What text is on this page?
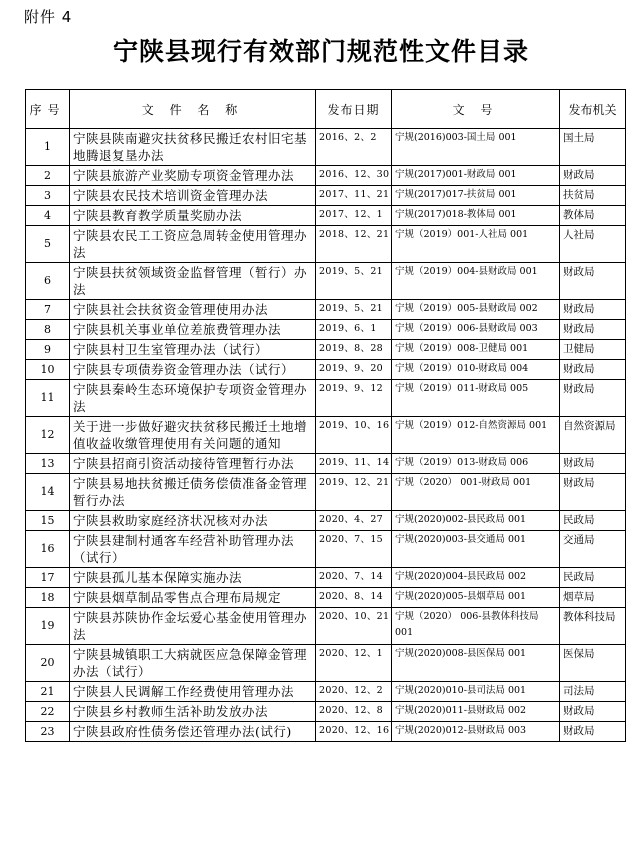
附件 4
宁陕县现行有效部门规范性文件目录
序号	文 件 名 称	发布日期	文 号	发布机关
1	宁陕县陕南避灾扶贫移民搬迁农村旧宅基地腾退复垦办法	2016、2、2	宁规(2016)003-国土局 001	国土局
2	宁陕县旅游产业奖励专项资金管理办法	2016、12、30	宁规(2017)001-财政局 001	财政局
3	宁陕县农民技术培训资金管理办法	2017、11、21	宁规(2017)017-扶贫局 001	扶贫局
4	宁陕县教育教学质量奖励办法	2017、12、1	宁规(2017)018-教体局 001	教体局
5	宁陕县农民工工资应急周转金使用管理办法	2018、12、21	宁规（2019）001-人社局 001	人社局
6	宁陕县扶贫领域资金监督管理（暂行）办法	2019、5、21	宁规（2019）004-县财政局 001	财政局
7	宁陕县社会扶贫资金管理使用办法	2019、5、21	宁规（2019）005-县财政局 002	财政局
8	宁陕县机关事业单位差旅费管理办法	2019、6、1	宁规（2019）006-县财政局 003	财政局
9	宁陕县村卫生室管理办法（试行）	2019、8、28	宁规（2019）008-卫健局 001	卫健局
10	宁陕县专项债券资金管理办法（试行）	2019、9、20	宁规（2019）010-财政局 004	财政局
11	宁陕县秦岭生态环境保护专项资金管理办法	2019、9、12	宁规（2019）011-财政局 005	财政局
12	关于进一步做好避灾扶贫移民搬迁土地增值收益收缴管理使用有关问题的通知	2019、10、16	宁规（2019）012-自然资源局 001	自然资源局
13	宁陕县招商引资活动接待管理暂行办法	2019、11、14	宁规（2019）013-财政局 006	财政局
14	宁陕县易地扶贫搬迁债务偿债准备金管理暂行办法	2019、12、21	宁规（2020） 001-财政局 001	财政局
15	宁陕县救助家庭经济状况核对办法	2020、4、27	宁规(2020)002-县民政局 001	民政局
16	宁陕县建制村通客车经营补助管理办法（试行）	2020、7、15	宁规(2020)003-县交通局 001	交通局
17	宁陕县孤儿基本保障实施办法	2020、7、14	宁规(2020)004-县民政局 002	民政局
18	宁陕县烟草制品零售点合理布局规定	2020、8、14	宁规(2020)005-县烟草局 001	烟草局
19	宁陕县苏陕协作金坛爱心基金使用管理办法	2020、10、21	宁规（2020） 006-县教体科技局 001	教体科技局
20	宁陕县城镇职工大病就医应急保障金管理办法（试行）	2020、12、1	宁规(2020)008-县医保局 001	医保局
21	宁陕县人民调解工作经费使用管理办法	2020、12、2	宁规(2020)010-县司法局 001	司法局
22	宁陕县乡村教师生活补助发放办法	2020、12、8	宁规(2020)011-县财政局 002	财政局
23	宁陕县政府性债务偿还管理办法(试行)	2020、12、16	宁规(2020)012-县财政局 003	财政局
